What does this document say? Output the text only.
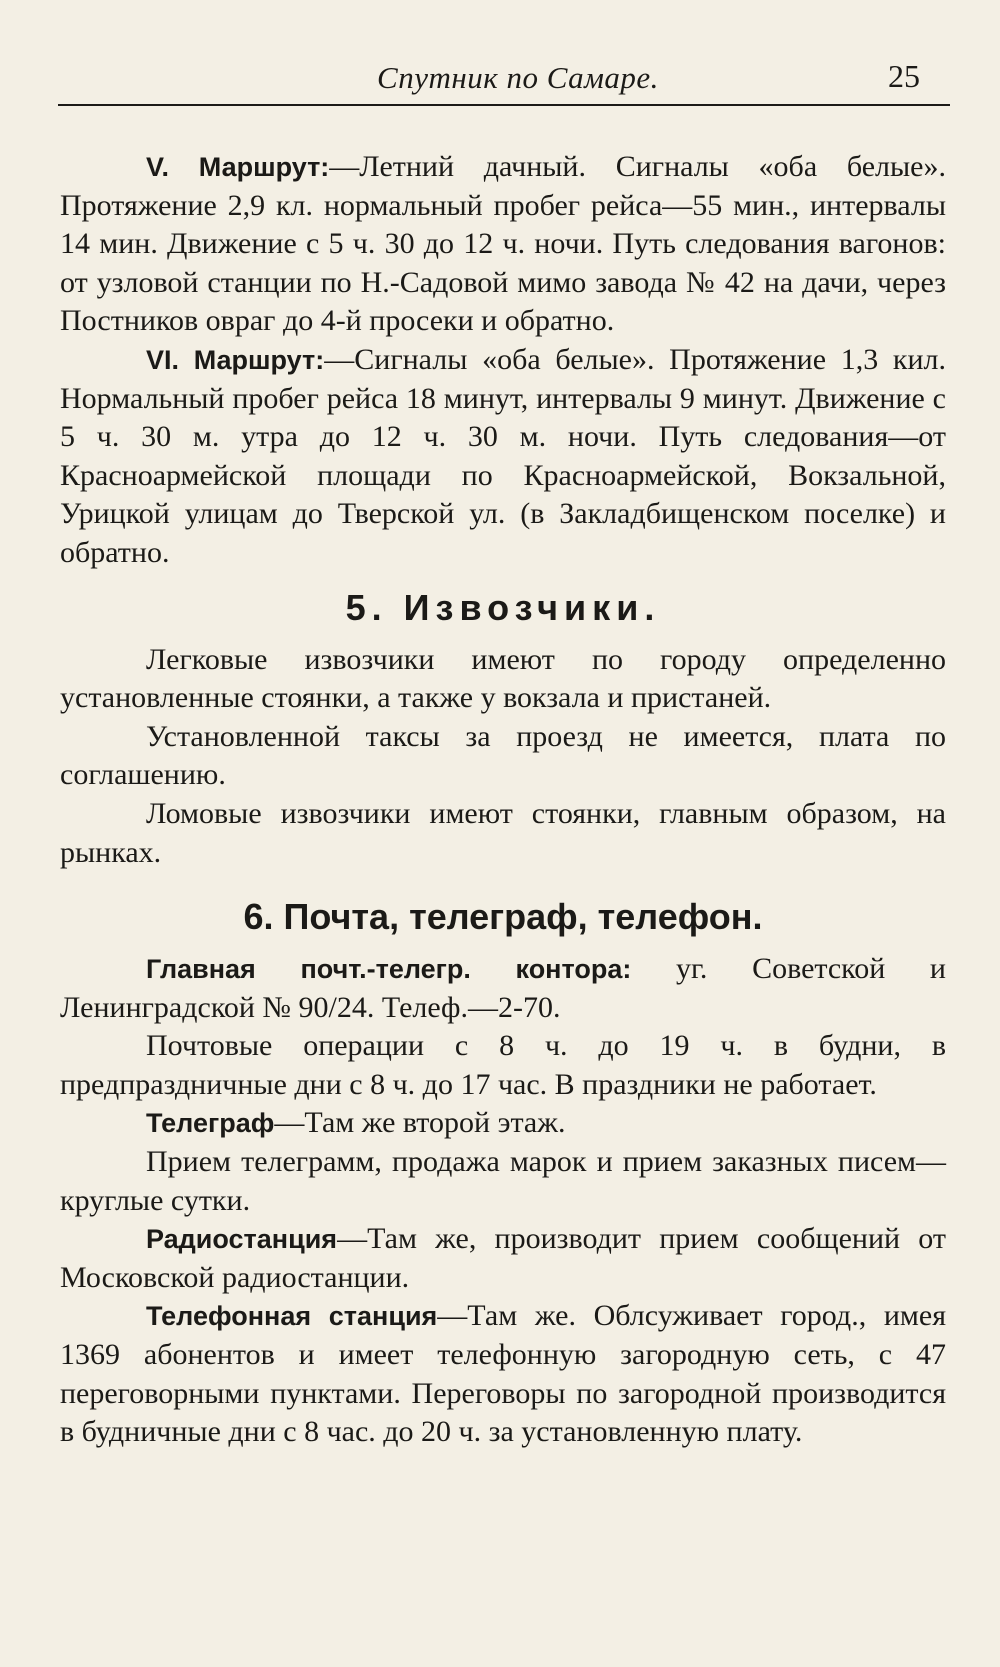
Спутник по Самаре.	25

V. Маршрут:—Летний дачный. Сигналы «оба белые». Протяжение 2,9 кл. нормальный пробег рейса—55 мин., интервалы 14 мин. Движение с 5 ч. 30 до 12 ч. ночи. Путь следования вагонов: от узловой станции по Н.-Садовой мимо завода № 42 на дачи, через Постников овраг до 4-й просеки и обратно.

VI. Маршрут:—Сигналы «оба белые». Протяжение 1,3 кил. Нормальный пробег рейса 18 минут, интервалы 9 минут. Движение с 5 ч. 30 м. утра до 12 ч. 30 м. ночи. Путь следования—от Красноармейской площади по Красноармейской, Вокзальной, Урицкой улицам до Тверской ул. (в Закладбищенском поселке) и обратно.

5. Извозчики.

Легковые извозчики имеют по городу определенно установленные стоянки, а также у вокзала и пристаней.

Установленной таксы за проезд не имеется, плата по соглашению.

Ломовые извозчики имеют стоянки, главным образом, на рынках.

6. Почта, телеграф, телефон.

Главная почт.-телегр. контора: уг. Советской и Ленинградской № 90/24. Телеф.—2-70.

Почтовые операции с 8 ч. до 19 ч. в будни, в предпраздничные дни с 8 ч. до 17 час. В праздники не работает.

Телеграф—Там же второй этаж.

Прием телеграмм, продажа марок и прием заказных писем—круглые сутки.

Радиостанция—Там же, производит прием сообщений от Московской радиостанции.

Телефонная станция—Там же. Облсуживает город., имея 1369 абонентов и имеет телефонную загородную сеть, с 47 переговорными пунктами. Переговоры по загородной производится в будничные дни с 8 час. до 20 ч. за установленную плату.
